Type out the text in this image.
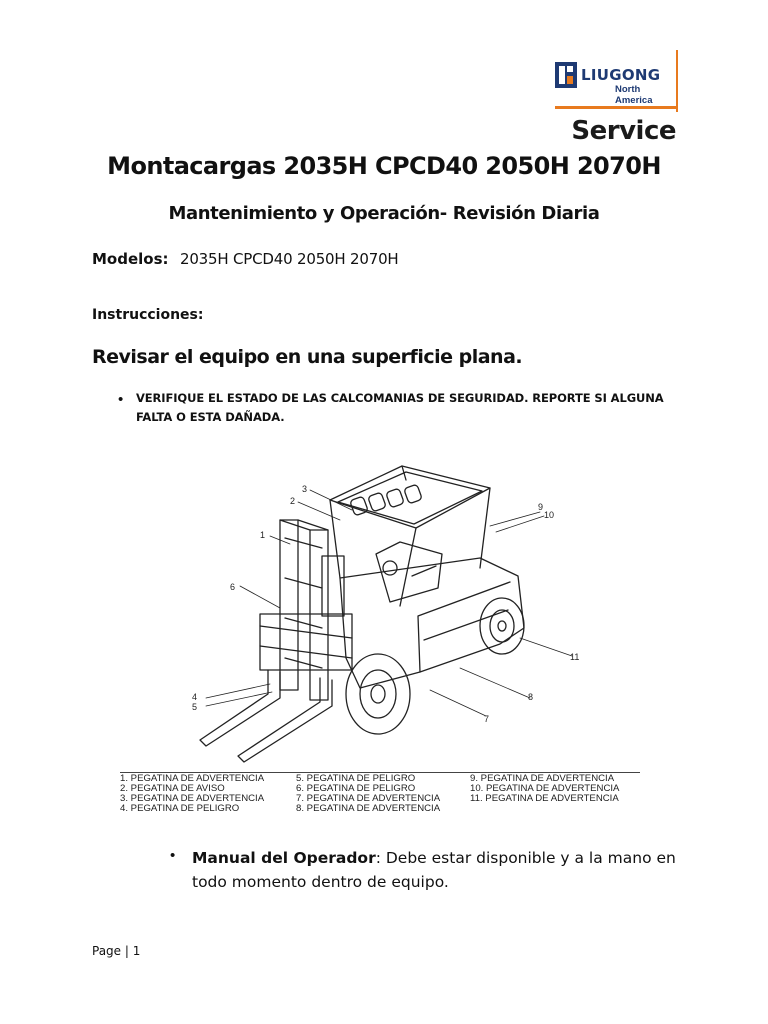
LIUGONG
North America
Service
Montacargas 2035H CPCD40 2050H 2070H
Mantenimiento y Operación- Revisión Diaria
Modelos: 2035H CPCD40 2050H 2070H
Instrucciones:
Revisar el equipo en una superficie plana.
• VERIFIQUE EL ESTADO DE LAS CALCOMANIAS DE SEGURIDAD. REPORTE SI ALGUNA FALTA O ESTA DAÑADA.
1
2
3
4
5
6
7
8
9
10
11
1. PEGATINA DE ADVERTENCIA
2. PEGATINA DE AVISO
3. PEGATINA DE ADVERTENCIA
4. PEGATINA DE PELIGRO
5. PEGATINA DE PELIGRO
6. PEGATINA DE PELIGRO
7. PEGATINA DE ADVERTENCIA
8. PEGATINA DE ADVERTENCIA
9. PEGATINA DE ADVERTENCIA
10. PEGATINA DE ADVERTENCIA
11. PEGATINA DE ADVERTENCIA
• Manual del Operador: Debe estar disponible y a la mano en todo momento dentro de equipo.
Page | 1
